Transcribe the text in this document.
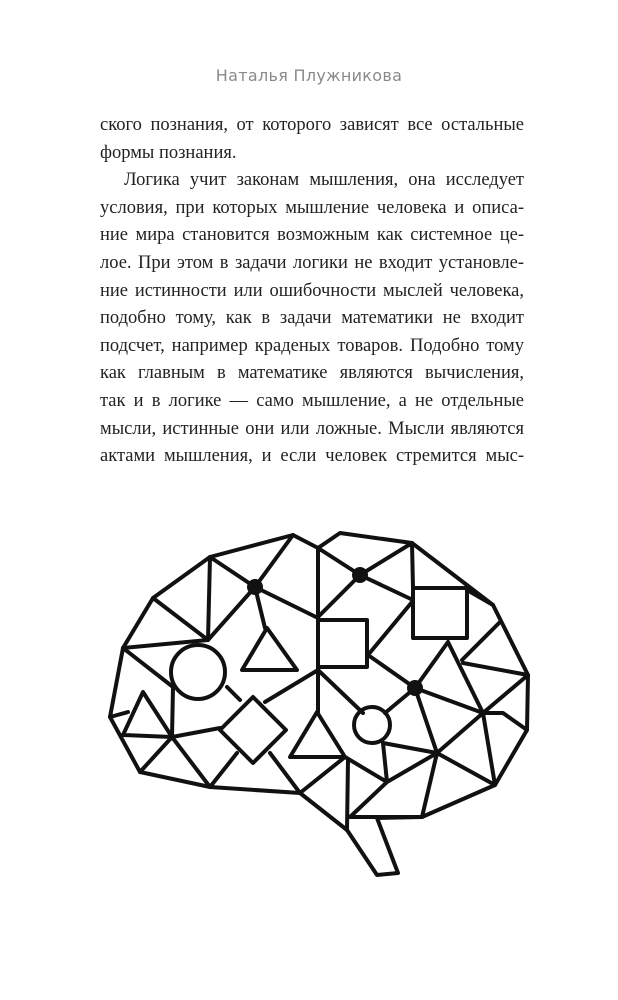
Наталья Плужникова
ского познания, от которого зависят все остальные
формы познания.
Логика учит законам мышления, она исследует
условия, при которых мышление человека и описа-
ние мира становится возможным как системное це-
лое. При этом в задачи логики не входит установле-
ние истинности или ошибочности мыслей человека,
подобно тому, как в задачи математики не входит
подсчет, например краденых товаров. Подобно тому
как главным в математике являются вычисления,
так и в логике — само мышление, а не отдельные
мысли, истинные они или ложные. Мысли являются
актами мышления, и если человек стремится мыс-
